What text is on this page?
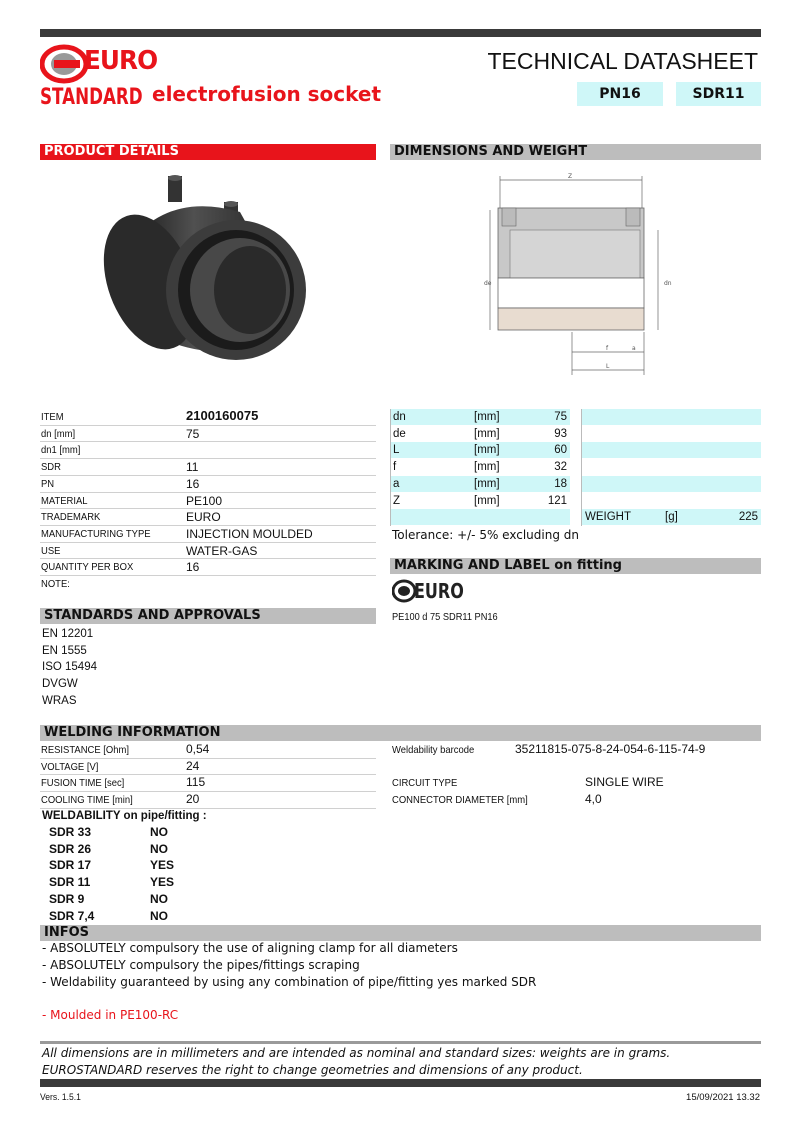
EURO
STANDARD electrofusion socket
TECHNICAL DATASHEET
PN16	SDR11
PRODUCT DETAILS	DIMENSIONS AND WEIGHT
Z
de	dn
f	a
L
ITEM	2100160075
dn [mm]	75
dn1 [mm]
SDR	11
PN	16
MATERIAL	PE100
TRADEMARK	EURO
MANUFACTURING TYPE	INJECTION MOULDED
USE	WATER-GAS
QUANTITY PER BOX	16
NOTE:
dn	[mm]	75
de	[mm]	93
L	[mm]	60
f	[mm]	32
a	[mm]	18
Z	[mm]	121
WEIGHT	[g]	225
Tolerance: +/- 5% excluding dn
MARKING AND LABEL on fitting
EURO
PE100 d 75 SDR11 PN16
STANDARDS AND APPROVALS
EN 12201
EN 1555
ISO 15494
DVGW
WRAS
WELDING INFORMATION
RESISTANCE [Ohm]	0,54
VOLTAGE [V]	24
FUSION TIME [sec]	115
COOLING TIME [min]	20
Weldability barcode	35211815-075-8-24-054-6-115-74-9
CIRCUIT TYPE	SINGLE WIRE
CONNECTOR DIAMETER [mm]	4,0
WELDABILITY on pipe/fitting :
SDR 33	NO
SDR 26	NO
SDR 17	YES
SDR 11	YES
SDR 9	NO
SDR 7,4	NO
INFOS
- ABSOLUTELY compulsory the use of aligning clamp for all diameters
- ABSOLUTELY compulsory the pipes/fittings scraping
- Weldability guaranteed by using any combination of pipe/fitting yes marked SDR
- Moulded in PE100-RC
All dimensions are in millimeters and are intended as nominal and standard sizes: weights are in grams.
EUROSTANDARD reserves the right to change geometries and dimensions of any product.
Vers. 1.5.1	15/09/2021 13.32
